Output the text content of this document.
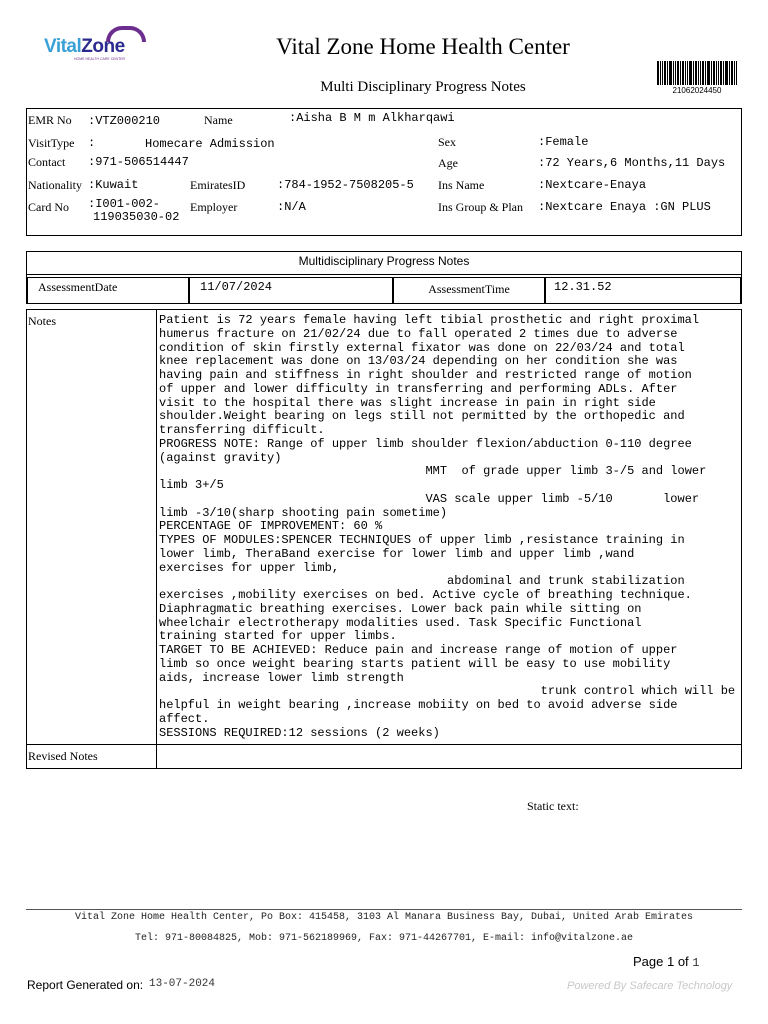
VitalZone
HOME HEALTH CARE CENTER	Vital Zone Home Health Center
Multi Disciplinary Progress Notes	21062024450
EMR No :VTZ000210	Name	:Aisha B M m Alkharqawi
VisitType :	Homecare Admission	Sex	:Female
Contact :971-506514447	Age	:72 Years,6 Months,11 Days
Nationality :Kuwait	EmiratesID	:784-1952-7508205-5 Ins Name	:Nextcare-Enaya
Card No :I001-002-
119035030-02
Employer	:N/A	Ins Group & Plan :Nextcare Enaya :GN PLUS
Multidisciplinary Progress Notes
AssessmentDate	11/07/2024	AssessmentTime	12.31.52
Notes	Patient is 72 years female having left tibial prosthetic and right proximal
humerus fracture on 21/02/24 due to fall operated 2 times due to adverse
condition of skin firstly external fixator was done on 22/03/24 and total
knee replacement was done on 13/03/24 depending on her condition she was
having pain and stiffness in right shoulder and restricted range of motion
of upper and lower difficulty in transferring and performing ADLs. After
visit to the hospital there was slight increase in pain in right side
shoulder.Weight bearing on legs still not permitted by the orthopedic and
transferring difficult.
PROGRESS NOTE: Range of upper limb shoulder flexion/abduction 0-110 degree
(against gravity)
MMT  of grade upper limb 3-/5 and lower
limb 3+/5
VAS scale upper limb -5/10       lower
limb -3/10(sharp shooting pain sometime)
PERCENTAGE OF IMPROVEMENT: 60 %
TYPES OF MODULES:SPENCER TECHNIQUES of upper limb ,resistance training in
lower limb, TheraBand exercise for lower limb and upper limb ,wand
exercises for upper limb,
abdominal and trunk stabilization
exercises ,mobility exercises on bed. Active cycle of breathing technique.
Diaphragmatic breathing exercises. Lower back pain while sitting on
wheelchair electrotherapy modalities used. Task Specific Functional
training started for upper limbs.
TARGET TO BE ACHIEVED: Reduce pain and increase range of motion of upper
limb so once weight bearing starts patient will be easy to use mobility
aids, increase lower limb strength
trunk control which will be
helpful in weight bearing ,increase mobiity on bed to avoid adverse side
affect.
SESSIONS REQUIRED:12 sessions (2 weeks)
Revised Notes
Static text:
Vital Zone Home Health Center, Po Box: 415458, 3103 Al Manara Business Bay, Dubai, United Arab Emirates
Tel: 971-80084825, Mob: 971-562189969, Fax: 971-44267701, E-mail: info@vitalzone.ae
Page 1 of 1
Report Generated on: 13-07-2024	Powered By Safecare Technology
